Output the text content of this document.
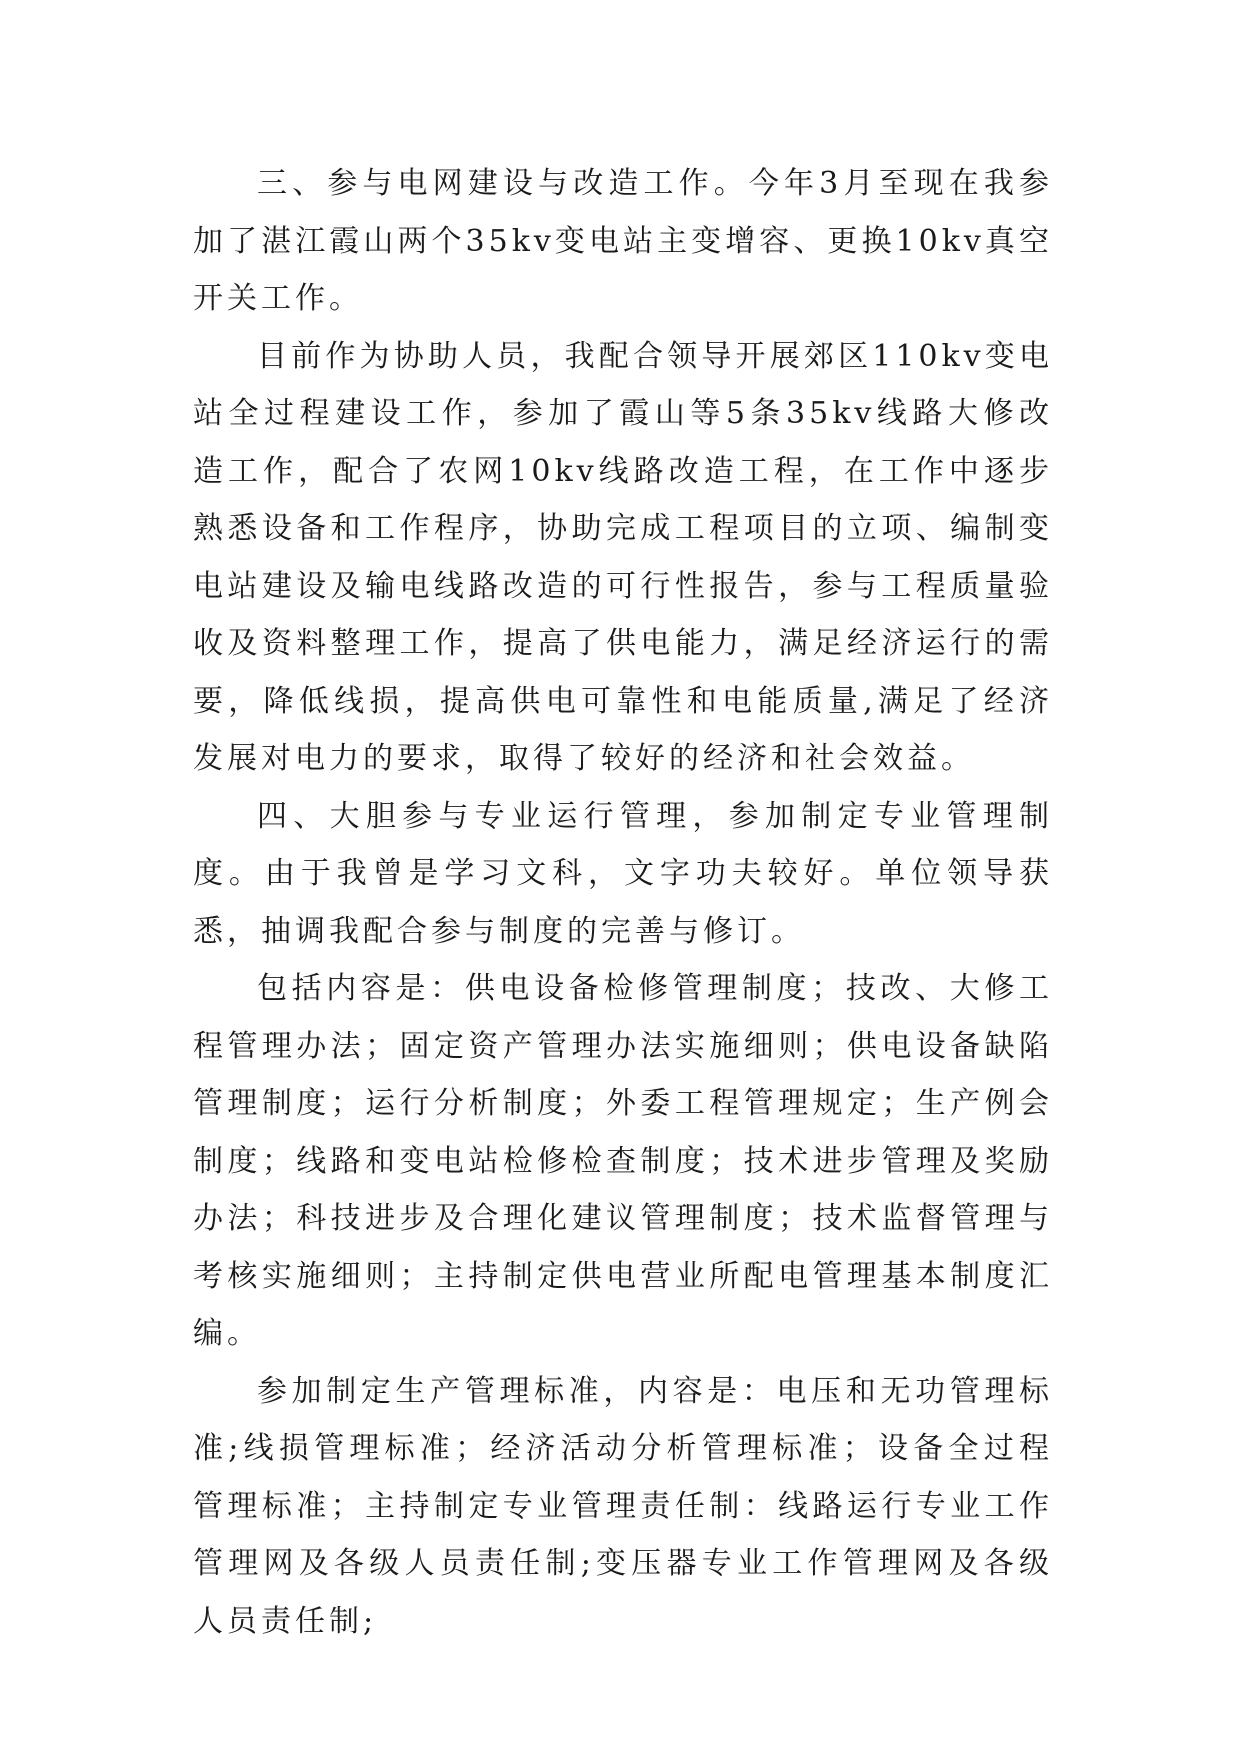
三、参与电网建设与改造工作。今年3月至现在我参加了湛江霞山两个35kv变电站主变增容、更换10kv真空开关工作。

目前作为协助人员，我配合领导开展郊区110kv变电站全过程建设工作，参加了霞山等5条35kv线路大修改造工作，配合了农网10kv线路改造工程，在工作中逐步熟悉设备和工作程序，协助完成工程项目的立项、编制变电站建设及输电线路改造的可行性报告，参与工程质量验收及资料整理工作，提高了供电能力，满足经济运行的需要，降低线损，提高供电可靠性和电能质量,满足了经济发展对电力的要求，取得了较好的经济和社会效益。

四、大胆参与专业运行管理，参加制定专业管理制度。由于我曾是学习文科，文字功夫较好。单位领导获悉，抽调我配合参与制度的完善与修订。

包括内容是：供电设备检修管理制度；技改、大修工程管理办法；固定资产管理办法实施细则；供电设备缺陷管理制度；运行分析制度；外委工程管理规定；生产例会制度；线路和变电站检修检查制度；技术进步管理及奖励办法；科技进步及合理化建议管理制度；技术监督管理与考核实施细则；主持制定供电营业所配电管理基本制度汇编。

参加制定生产管理标准，内容是：电压和无功管理标准;线损管理标准；经济活动分析管理标准；设备全过程管理标准；主持制定专业管理责任制：线路运行专业工作管理网及各级人员责任制;变压器专业工作管理网及各级人员责任制;
